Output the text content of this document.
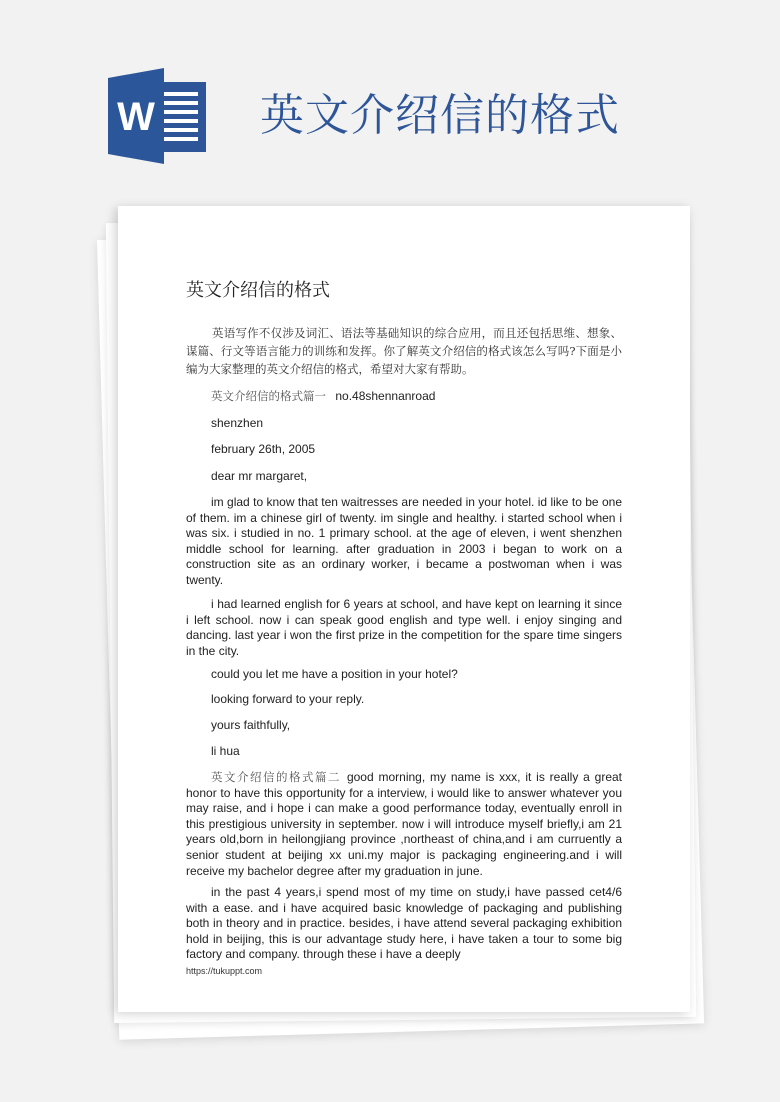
W 英文介绍信的格式
英文介绍信的格式
英语写作不仅涉及词汇、语法等基础知识的综合应用，而且还包括思维、想象、谋篇、行文等语言能力的训练和发挥。你了解英文介绍信的格式该怎么写吗?下面是小编为大家整理的英文介绍信的格式，希望对大家有帮助。
英文介绍信的格式篇一 no.48shennanroad
shenzhen
february 26th, 2005
dear mr margaret,
im glad to know that ten waitresses are needed in your hotel. id like to be one of them. im a chinese girl of twenty. im single and healthy. i started school when i was six. i studied in no. 1 primary school. at the age of eleven, i went shenzhen middle school for learning. after graduation in 2003 i began to work on a construction site as an ordinary worker, i became a postwoman when i was twenty.
i had learned english for 6 years at school, and have kept on learning it since i left school. now i can speak good english and type well. i enjoy singing and dancing. last year i won the first prize in the competition for the spare time singers in the city.
could you let me have a position in your hotel?
looking forward to your reply.
yours faithfully,
li hua
英文介绍信的格式篇二 good morning, my name is xxx, it is really a great honor to have this opportunity for a interview, i would like to answer whatever you may raise, and i hope i can make a good performance today, eventually enroll in this prestigious university in september. now i will introduce myself briefly,i am 21 years old,born in heilongjiang province ,northeast of china,and i am curruently a senior student at beijing xx uni.my major is packaging engineering.and i will receive my bachelor degree after my graduation in june.
in the past 4 years,i spend most of my time on study,i have passed cet4/6 with a ease. and i have acquired basic knowledge of packaging and publishing both in theory and in practice. besides, i have attend several packaging exhibition hold in beijing, this is our advantage study here, i have taken a tour to some big factory and company. through these i have a deeply
https://tukuppt.com
